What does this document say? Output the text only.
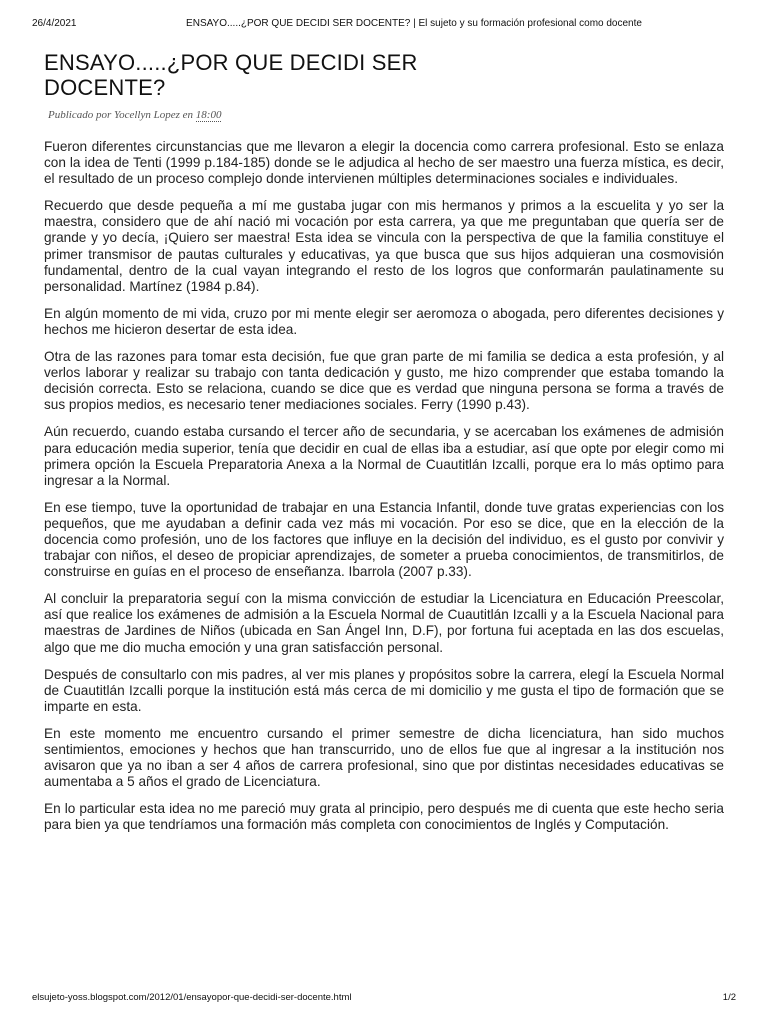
26/4/2021	ENSAYO.....¿POR QUE DECIDI SER DOCENTE? | El sujeto y su formación profesional como docente
ENSAYO.....¿POR QUE DECIDI SER DOCENTE?
Publicado por Yocellyn Lopez en 18:00

Fueron diferentes circunstancias que me llevaron a elegir la docencia como carrera profesional. Esto se enlaza con la idea de Tenti (1999 p.184-185) donde se le adjudica al hecho de ser maestro una fuerza mística, es decir, el resultado de un proceso complejo donde intervienen múltiples determinaciones sociales e individuales.

Recuerdo que desde pequeña a mí me gustaba jugar con mis hermanos y primos a la escuelita y yo ser la maestra, considero que de ahí nació mi vocación por esta carrera, ya que me preguntaban que quería ser de grande y yo decía, ¡Quiero ser maestra! Esta idea se vincula con la perspectiva de que la familia constituye el primer transmisor de pautas culturales y educativas, ya que busca que sus hijos adquieran una cosmovisión fundamental, dentro de la cual vayan integrando el resto de los logros que conformarán paulatinamente su personalidad. Martínez (1984 p.84).

En algún momento de mi vida, cruzo por mi mente elegir ser aeromoza o abogada, pero diferentes decisiones y hechos me hicieron desertar de esta idea.

Otra de las razones para tomar esta decisión, fue que gran parte de mi familia se dedica a esta profesión, y al verlos laborar y realizar su trabajo con tanta dedicación y gusto, me hizo comprender que estaba tomando la decisión correcta. Esto se relaciona, cuando se dice que es verdad que ninguna persona se forma a través de sus propios medios, es necesario tener mediaciones sociales. Ferry (1990 p.43).

Aún recuerdo, cuando estaba cursando el tercer año de secundaria, y se acercaban los exámenes de admisión para educación media superior, tenía que decidir en cual de ellas iba a estudiar, así que opte por elegir como mi primera opción la Escuela Preparatoria Anexa a la Normal de Cuautitlán Izcalli, porque era lo más optimo para ingresar a la Normal.

En ese tiempo, tuve la oportunidad de trabajar en una Estancia Infantil, donde tuve gratas experiencias con los pequeños, que me ayudaban a definir cada vez más mi vocación. Por eso se dice, que en la elección de la docencia como profesión, uno de los factores que influye en la decisión del individuo, es el gusto por convivir y trabajar con niños, el deseo de propiciar aprendizajes, de someter a prueba conocimientos, de transmitirlos, de construirse en guías en el proceso de enseñanza. Ibarrola (2007 p.33).

Al concluir la preparatoria seguí con la misma convicción de estudiar la Licenciatura en Educación Preescolar, así que realice los exámenes de admisión a la Escuela Normal de Cuautitlán Izcalli y a la Escuela Nacional para maestras de Jardines de Niños (ubicada en San Ángel Inn, D.F), por fortuna fui aceptada en las dos escuelas, algo que me dio mucha emoción y una gran satisfacción personal.

Después de consultarlo con mis padres, al ver mis planes y propósitos sobre la carrera, elegí la Escuela Normal de Cuautitlán Izcalli porque la institución está más cerca de mi domicilio y me gusta el tipo de formación que se imparte en esta.

En este momento me encuentro cursando el primer semestre de dicha licenciatura, han sido muchos sentimientos, emociones y hechos que han transcurrido, uno de ellos fue que al ingresar a la institución nos avisaron que ya no iban a ser 4 años de carrera profesional, sino que por distintas necesidades educativas se aumentaba a 5 años el grado de Licenciatura.

En lo particular esta idea no me pareció muy grata al principio, pero después me di cuenta que este hecho seria para bien ya que tendríamos una formación más completa con conocimientos de Inglés y Computación.

elsujeto-yoss.blogspot.com/2012/01/ensayopor-que-decidi-ser-docente.html	1/2
